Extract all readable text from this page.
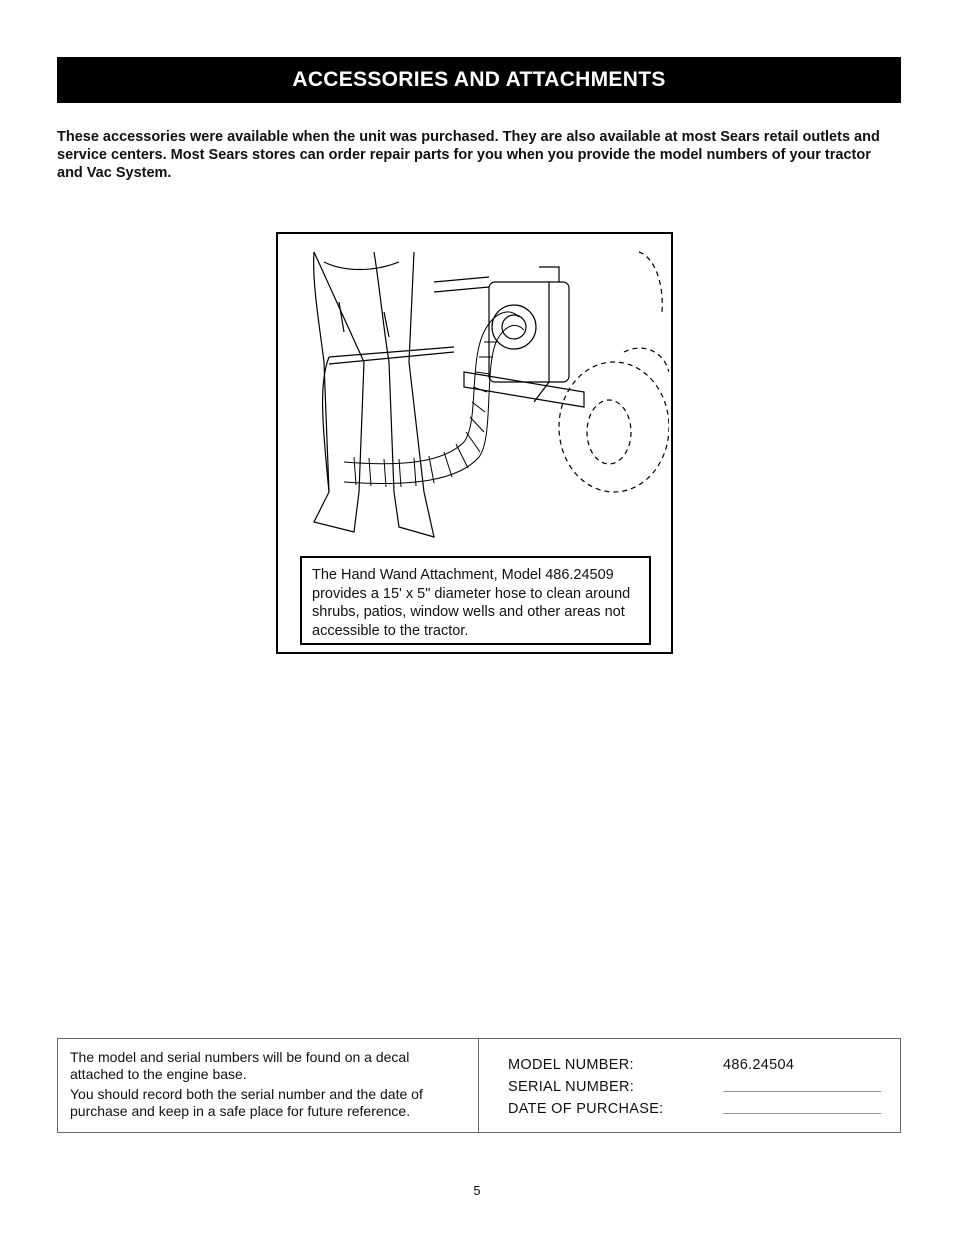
ACCESSORIES AND ATTACHMENTS
These accessories were available when the unit was purchased. They are also available at most Sears retail outlets and service centers. Most Sears stores can order repair parts for you when you provide the model numbers of your tractor and Vac System.
The Hand Wand Attachment, Model 486.24509 provides a 15' x 5" diameter hose to clean around shrubs, patios, window wells and other areas not accessible to the tractor.

The model and serial numbers will be found on a decal attached to the engine base.

You should record both the serial number and the date of purchase and keep in a safe place for future reference.

MODEL NUMBER:	486.24504
SERIAL NUMBER:
DATE OF PURCHASE:
5
